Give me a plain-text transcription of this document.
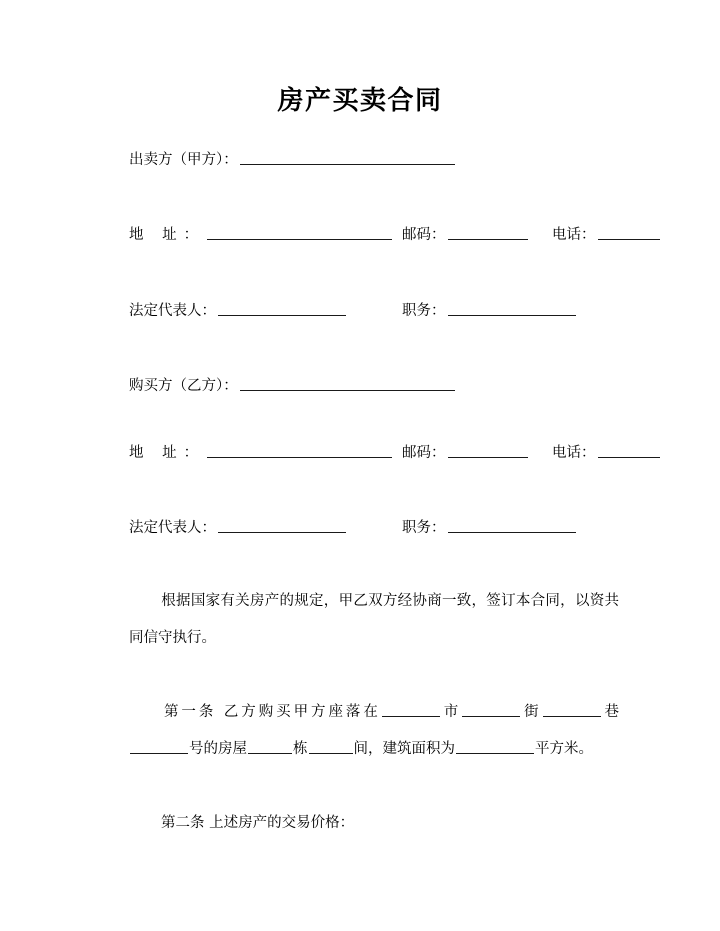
房产买卖合同
出卖方（甲方）：
地 址：	邮码：	电话：
法定代表人：	职务：
购买方（乙方）：
地 址：	邮码：	电话：
法定代表人：	职务：
根据国家有关房产的规定，甲乙双方经协商一致，签订本合同，以资共同信守执行。
第一条 乙方购买甲方座落在	市	街	巷号的房屋	栋	间，建筑面积为	平方米。
第二条 上述房产的交易价格：
